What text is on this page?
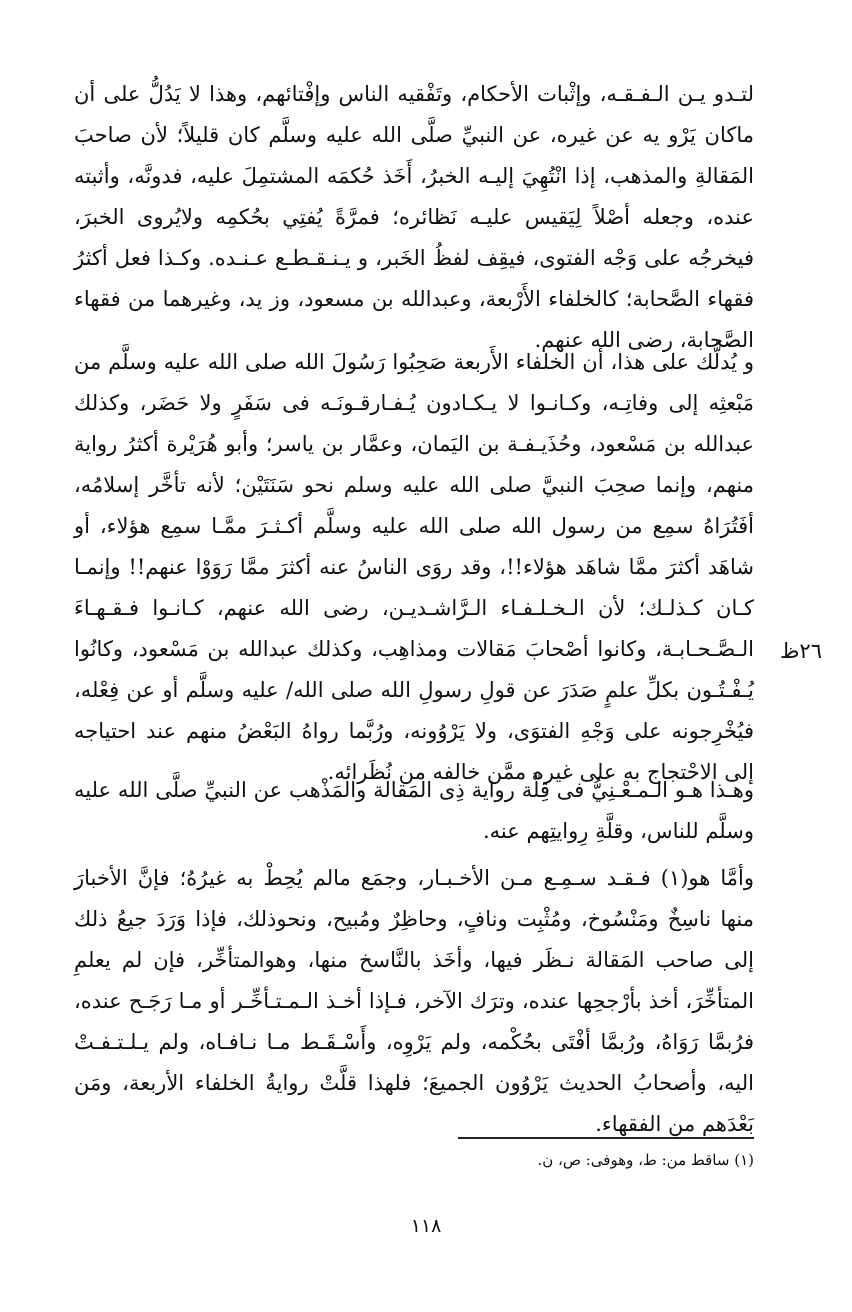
لتـدو يـن الـفـقـه، وإثْبات الأحكام، وتَفْقيه الناس وإفْتائهم، وهذا لا يَدُلُّ على أن ماكان يَرْو يه عن غيره، عن النبيِّ صلَّى الله عليه وسلَّم كان قليلاً؛ لأن صاحبَ المَقالةِ والمذهب، إذا انْتُهِيَ إليـه الخبرُ، أَخَذ حُكمَه المشتمِلَ عليه، فدونَّه، وأثبته عنده، وجعله أصْلاً لِيَقيس عليـه نَظائره؛ فمرَّةً يُفتِي بحُكمِه ولايُروى الخبرَ، فيخرجُه على وَجْه الفتوى، فيقِف لفظُ الخَبر، و يـنـقـطـع عـنـده. وكـذا فعل أكثرُ فقهاء الصَّحابة؛ كالخلفاء الأَرْبعة، وعبدالله بن مسعود، وز يد، وغيرهما من فقهاء الصَّحابة، رضى الله عنهم.

و يُدلُّك على هذا، أن الخلفاء الأَربعة صَحِبُوا رَسُولَ الله صلى الله عليه وسلَّم من مَبْعثِه إلى وفاتِـه، وكـانـوا لا يـكـادون يُـفـارقـونَـه فى سَفَرٍ ولا حَضَر، وكذلك عبدالله بن مَسْعود، وحُذَيـفـة بن اليَمان، وعمَّار بن ياسر؛ وأبو هُرَيْرة أكثرُ رواية منهم، وإنما صحِبَ النبيَّ صلى الله عليه وسلم نحو سَنَتَيْن؛ لأنه تأخَّر إسلامُه، أفَتُرَاهُ سمِع من رسول الله صلى الله عليه وسلَّم أكـثـرَ ممَّـا سمِع هؤلاء، أو شاهَد أكثرَ ممَّا شاهَد هؤلاء!!، وقد روَى الناسُ عنه أكثرَ ممَّا رَوَوْا عنهم!! وإنمـا كـان كـذلـك؛ لأن الـخـلـفـاء الـرَّاشـديـن، رضى الله عنهم، كـانـوا فـقـهـاءَ الـصَّـحـابـة، وكانوا أصْحابَ مَقالات ومذاهِب، وكذلك عبدالله بن مَسْعود، وكانُوا يُـفْـتُـون بكلِّ علمٍ صَدَرَ عن قولِ رسولِ الله صلى الله/ عليه وسلَّم أو عن فِعْله، فيُخْرِجونه على وَجْهِ الفتوَى، ولا يَرْوُونه، ورُبَّما رواهُ البَعْضُ منهم عند احتياجه إلى الاحْتجاج به على غيره ممَّن خالفه من نُظَرائه.

٢٦ظ

وهـذا هـو الـمـعْـنِيُّ فى قِلَّة رواية ذِى المَقالة والمَذْهب عن النبيِّ صلَّى الله عليه وسلَّم للناس، وقلَّةِ رِوايتِهم عنه.

وأمَّا هو(١) فـقـد سـمِـع مـن الأخـبـار، وجمَع مالم يُحِطْ به غيرُهُ؛ فإنَّ الأخبارَ منها ناسِخٌ ومَنْسُوخ، ومُثْبِت ونافٍ، وحاظِرٌ ومُبيح، ونحوذلك، فإذا وَرَدَ جيعُ ذلك إلى صاحب المَقالة نـظَر فيها، وأخَذ بالنَّاسخ منها، وهوالمتأخِّر، فإن لم يعلمِ المتأخِّرَ، أخذ بأرْجحِها عنده، وترَك الآخر، فـإذا أخـذ الـمـتـأخِّـر أو مـا رَجَـح عنده، فرُبمَّا رَوَاهُ، ورُبمَّا أفْتَى بحُكْمه، ولم يَرْوِه، وأَسْـقَـط مـا نـافـاه، ولم يـلـتـفـتْ اليه، وأصحابُ الحديث يَرْوُون الجميعَ؛ فلهذا قلَّتْ روايةُ الخلفاء الأربعة، ومَن بَعْدَهم من الفقهاء.

(١) ساقط من: ط، وهوفى: ص، ن.
١١٨
